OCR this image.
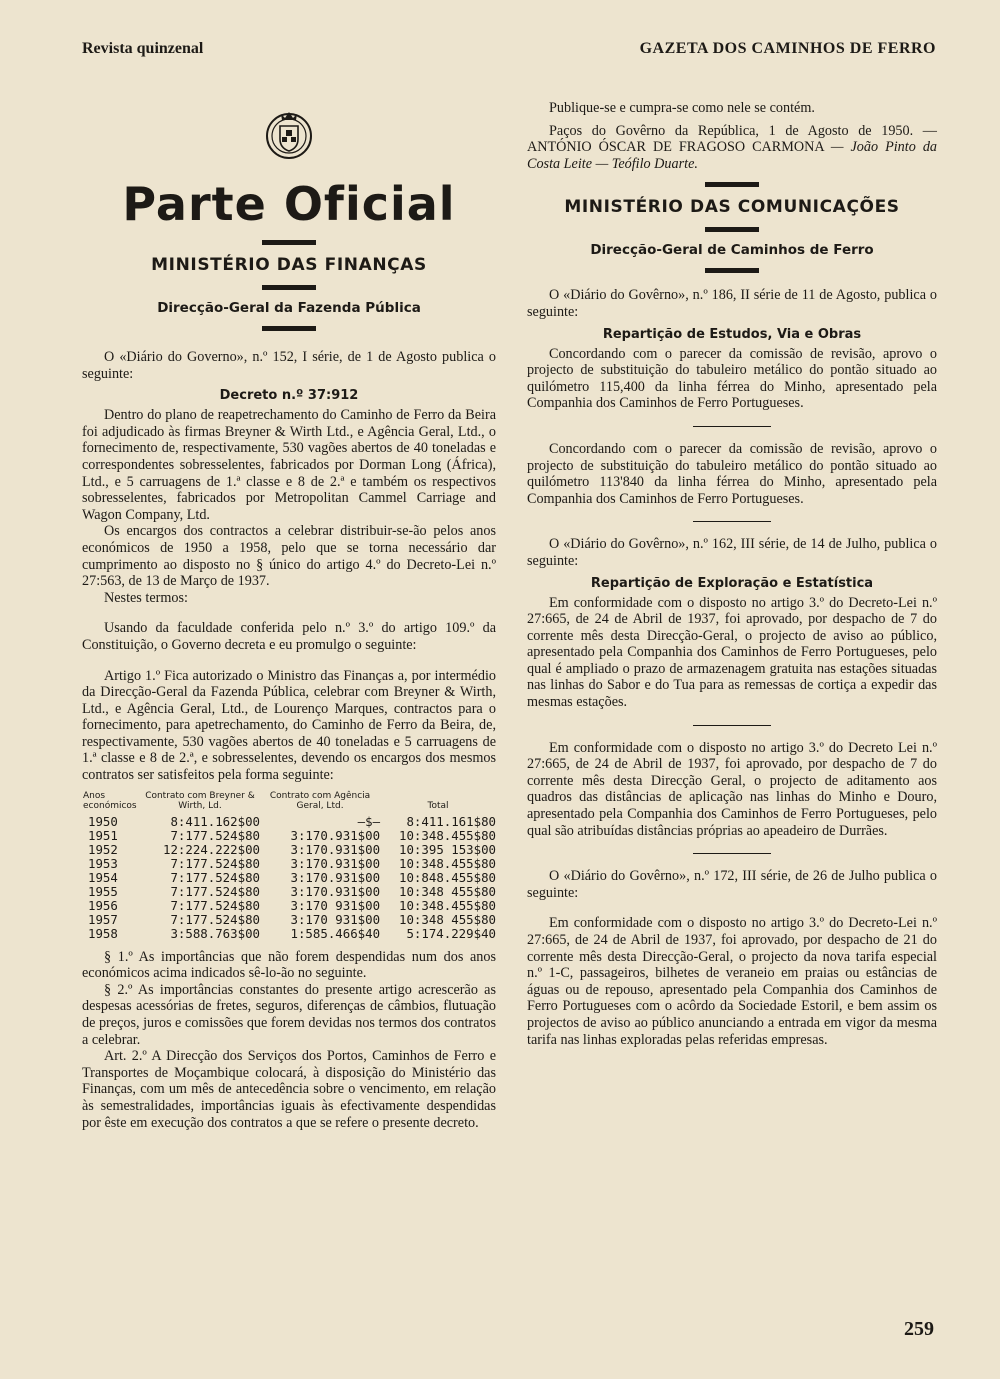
Revista quinzenal	GAZETA DOS CAMINHOS DE FERRO
Parte Oficial
MINISTÉRIO DAS FINANÇAS
Direcção-Geral da Fazenda Pública

O «Diário do Governo», n.º 152, I série, de 1 de Agosto publica o seguinte:

Decreto n.º 37:912

Dentro do plano de reapetrechamento do Caminho de Ferro da Beira foi adjudicado às firmas Breyner & Wirth Ltd., e Agência Geral, Ltd., o fornecimento de, respectivamente, 530 vagões abertos de 40 toneladas e correspondentes sobresselentes, fabricados por Dorman Long (África), Ltd., e 5 carruagens de 1.ª classe e 8 de 2.ª e também os respectivos sobresselentes, fabricados por Metropolitan Cammel Carriage and Wagon Company, Ltd.

Os encargos dos contractos a celebrar distribuir-se-ão pelos anos económicos de 1950 a 1958, pelo que se torna necessário dar cumprimento ao disposto no § único do artigo 4.º do Decreto-Lei n.º 27:563, de 13 de Março de 1937.

Nestes termos:

Usando da faculdade conferida pelo n.º 3.º do artigo 109.º da Constituição, o Governo decreta e eu promulgo o seguinte:

Artigo 1.º Fica autorizado o Ministro das Finanças a, por intermédio da Direcção-Geral da Fazenda Pública, celebrar com Breyner & Wirth, Ltd., e Agência Geral, Ltd., de Lourenço Marques, contractos para o fornecimento, para apetrechamento, do Caminho de Ferro da Beira, de, respectivamente, 530 vagões abertos de 40 toneladas e 5 carruagens de 1.ª classe e 8 de 2.ª, e sobresselentes, devendo os encargos dos mesmos contratos ser satisfeitos pela forma seguinte:

Anos económicos	Contrato com Breyner & Wirth, Ld.	Contrato com Agência Geral, Ltd.	Total
1950	8:411.162$00	—$—	8:411.161$80
1951	7:177.524$80	3:170.931$00	10:348.455$80
1952	12:224.222$00	3:170.931$00	10:395 153$00
1953	7:177.524$80	3:170.931$00	10:348.455$80
1954	7:177.524$80	3:170.931$00	10:848.455$80
1955	7:177.524$80	3:170.931$00	10:348 455$80
1956	7:177.524$80	3:170 931$00	10:348.455$80
1957	7:177.524$80	3:170 931$00	10:348 455$80
1958	3:588.763$00	1:585.466$40	5:174.229$40

§ 1.º As importâncias que não forem despendidas num dos anos económicos acima indicados sê-lo-ão no seguinte.

§ 2.º As importâncias constantes do presente artigo acrescerão as despesas acessórias de fretes, seguros, diferenças de câmbios, flutuação de preços, juros e comissões que forem devidas nos termos dos contratos a celebrar.

Art. 2.º A Direcção dos Serviços dos Portos, Caminhos de Ferro e Transportes de Moçambique colocará, à disposição do Ministério das Finanças, com um mês de antecedência sobre o vencimento, em relação às semestralidades, importâncias iguais às efectivamente despendidas por êste em execução dos contratos a que se refere o presente decreto.

Publique-se e cumpra-se como nele se contém.

Paços do Govêrno da República, 1 de Agosto de 1950. — ANTÓNIO ÓSCAR DE FRAGOSO CARMONA — João Pinto da Costa Leite — Teófilo Duarte.

MINISTÉRIO DAS COMUNICAÇÕES
Direcção-Geral de Caminhos de Ferro

O «Diário do Govêrno», n.º 186, II série de 11 de Agosto, publica o seguinte:

Repartição de Estudos, Via e Obras

Concordando com o parecer da comissão de revisão, aprovo o projecto de substituição do tabuleiro metálico do pontão situado ao quilómetro 115,400 da linha férrea do Minho, apresentado pela Companhia dos Caminhos de Ferro Portugueses.

Concordando com o parecer da comissão de revisão, aprovo o projecto de substituição do tabuleiro metálico do pontão situado ao quilómetro 113'840 da linha férrea do Minho, apresentado pela Companhia dos Caminhos de Ferro Portugueses.

O «Diário do Govêrno», n.º 162, III série, de 14 de Julho, publica o seguinte:

Repartição de Exploração e Estatística

Em conformidade com o disposto no artigo 3.º do Decreto-Lei n.º 27:665, de 24 de Abril de 1937, foi aprovado, por despacho de 7 do corrente mês desta Direcção-Geral, o projecto de aviso ao público, apresentado pela Companhia dos Caminhos de Ferro Portugueses, pelo qual é ampliado o prazo de armazenagem gratuita nas estações situadas nas linhas do Sabor e do Tua para as remessas de cortiça a expedir das mesmas estações.

Em conformidade com o disposto no artigo 3.º do Decreto Lei n.º 27:665, de 24 de Abril de 1937, foi aprovado, por despacho de 7 do corrente mês desta Direcção Geral, o projecto de aditamento aos quadros das distâncias de aplicação nas linhas do Minho e Douro, apresentado pela Companhia dos Caminhos de Ferro Portugueses, pelo qual são atribuídas distâncias próprias ao apeadeiro de Durrães.

O «Diário do Govêrno», n.º 172, III série, de 26 de Julho publica o seguinte:

Em conformidade com o disposto no artigo 3.º do Decreto-Lei n.º 27:665, de 24 de Abril de 1937, foi aprovado, por despacho de 21 do corrente mês desta Direcção-Geral, o projecto da nova tarifa especial n.º 1-C, passageiros, bilhetes de veraneio em praias ou estâncias de águas ou de repouso, apresentado pela Companhia dos Caminhos de Ferro Portugueses com o acôrdo da Sociedade Estoril, e bem assim os projectos de aviso ao público anunciando a entrada em vigor da mesma tarifa nas linhas exploradas pelas referidas empresas.

259
